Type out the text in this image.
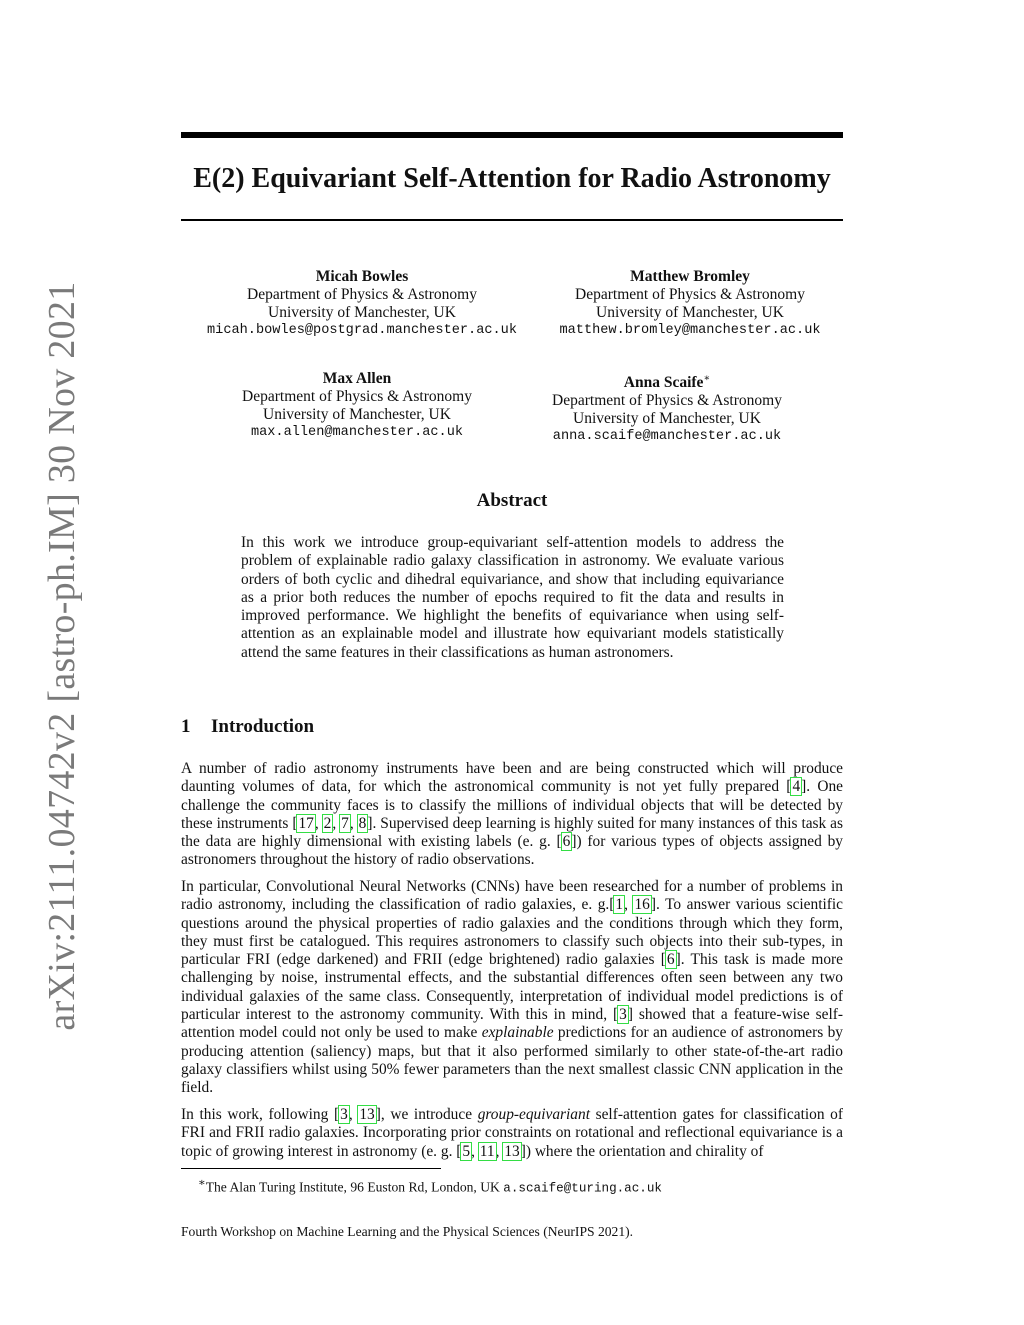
arXiv:2111.04742v2 [astro-ph.IM] 30 Nov 2021
E(2) Equivariant Self-Attention for Radio Astronomy
Micah Bowles
Department of Physics & Astronomy
University of Manchester, UK
micah.bowles@postgrad.manchester.ac.uk
Matthew Bromley
Department of Physics & Astronomy
University of Manchester, UK
matthew.bromley@manchester.ac.uk
Max Allen
Department of Physics & Astronomy
University of Manchester, UK
max.allen@manchester.ac.uk
Anna Scaife∗
Department of Physics & Astronomy
University of Manchester, UK
anna.scaife@manchester.ac.uk
Abstract

In this work we introduce group-equivariant self-attention models to address the problem of explainable radio galaxy classification in astronomy. We evaluate various orders of both cyclic and dihedral equivariance, and show that including equivariance as a prior both reduces the number of epochs required to fit the data and results in improved performance. We highlight the benefits of equivariance when using self-attention as an explainable model and illustrate how equivariant models statistically attend the same features in their classifications as human astronomers.

1 Introduction

A number of radio astronomy instruments have been and are being constructed which will produce daunting volumes of data, for which the astronomical community is not yet fully prepared [4]. One challenge the community faces is to classify the millions of individual objects that will be detected by these instruments [17, 2, 7, 8]. Supervised deep learning is highly suited for many instances of this task as the data are highly dimensional with existing labels (e. g. [6]) for various types of objects assigned by astronomers throughout the history of radio observations.

In particular, Convolutional Neural Networks (CNNs) have been researched for a number of problems in radio astronomy, including the classification of radio galaxies, e. g.[1, 16]. To answer various scientific questions around the physical properties of radio galaxies and the conditions through which they form, they must first be catalogued. This requires astronomers to classify such objects into their sub-types, in particular FRI (edge darkened) and FRII (edge brightened) radio galaxies [6]. This task is made more challenging by noise, instrumental effects, and the substantial differences often seen between any two individual galaxies of the same class. Consequently, interpretation of individual model predictions is of particular interest to the astronomy community. With this in mind, [3] showed that a feature-wise self-attention model could not only be used to make explainable predictions for an audience of astronomers by producing attention (saliency) maps, but that it also performed similarly to other state-of-the-art radio galaxy classifiers whilst using 50% fewer parameters than the next smallest classic CNN application in the field.

In this work, following [3, 13], we introduce group-equivariant self-attention gates for classification of FRI and FRII radio galaxies. Incorporating prior constraints on rotational and reflectional equivariance is a topic of growing interest in astronomy (e. g. [5, 11, 13]) where the orientation and chirality of

∗The Alan Turing Institute, 96 Euston Rd, London, UK a.scaife@turing.ac.uk
Fourth Workshop on Machine Learning and the Physical Sciences (NeurIPS 2021).
